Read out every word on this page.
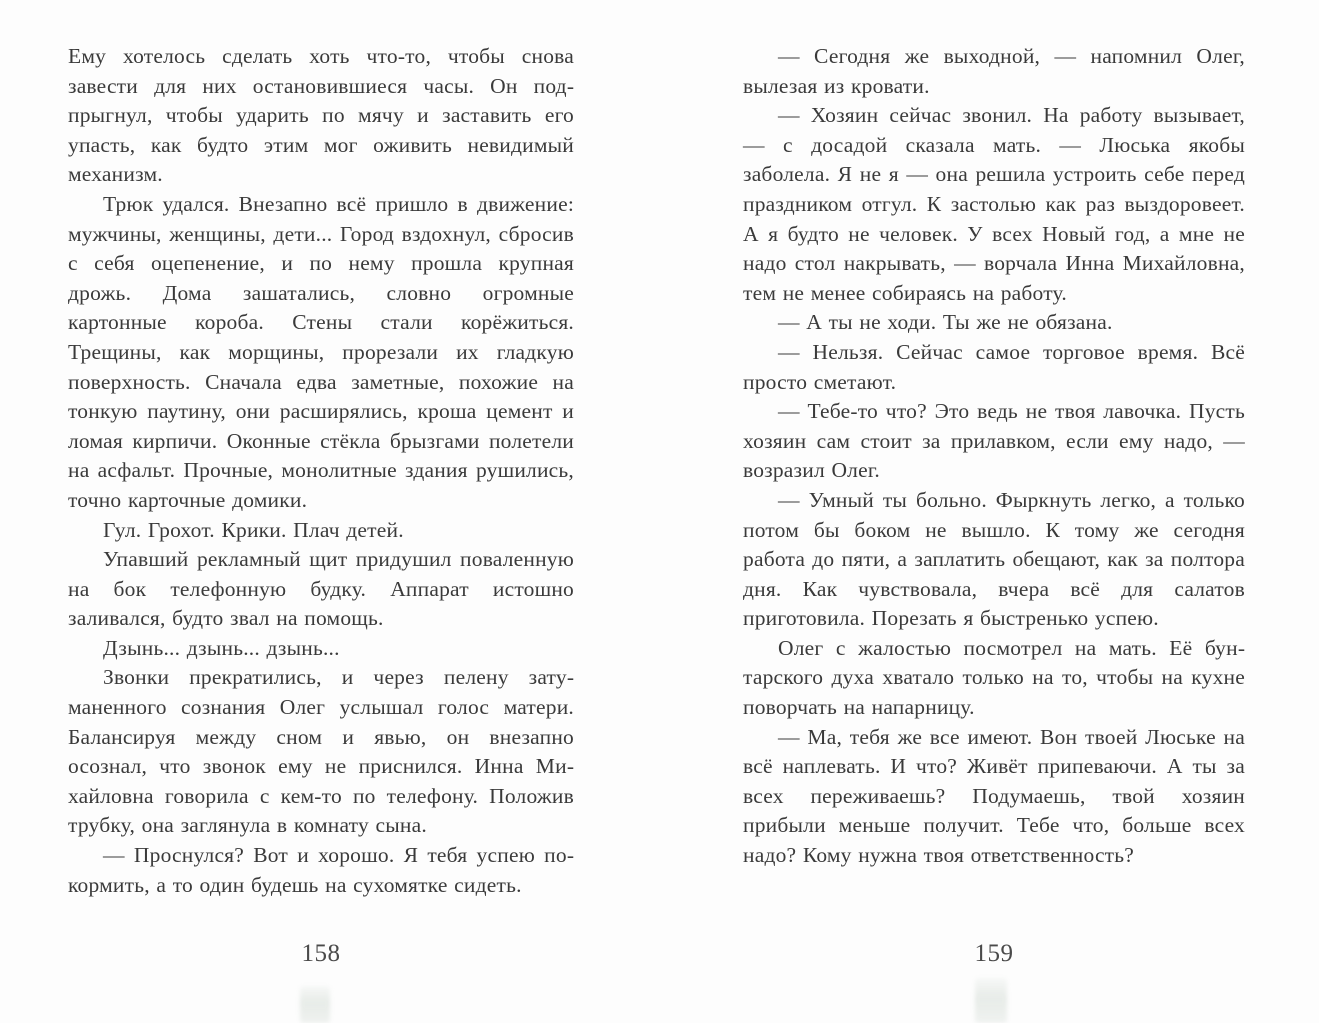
Ему хотелось сделать хоть что-то, чтобы снова завести для них остановившиеся часы. Он подпрыгнул, чтобы ударить по мячу и заставить его упасть, как будто этим мог оживить невидимый механизм.

Трюк удался. Внезапно всё пришло в движение: мужчины, женщины, дети... Город вздохнул, сбросив с себя оцепенение, и по нему прошла крупная дрожь. Дома зашатались, словно огромные картонные короба. Стены стали корёжиться. Трещины, как морщины, прорезали их гладкую поверхность. Сначала едва заметные, похожие на тонкую паутину, они расширялись, кроша цемент и ломая кирпичи. Оконные стёкла брызгами полетели на асфальт. Прочные, монолитные здания рушились, точно карточные домики.

Гул. Грохот. Крики. Плач детей.

Упавший рекламный щит придушил поваленную на бок телефонную будку. Аппарат истошно заливался, будто звал на помощь.

Дзынь... дзынь... дзынь...

Звонки прекратились, и через пелену затуманенного сознания Олег услышал голос матери. Балансируя между сном и явью, он внезапно осознал, что звонок ему не приснился. Инна Михайловна говорила с кем-то по телефону. Положив трубку, она заглянула в комнату сына.

— Проснулся? Вот и хорошо. Я тебя успею покормить, а то один будешь на сухомятке сидеть.

158

— Сегодня же выходной, — напомнил Олег, вылезая из кровати.

— Хозяин сейчас звонил. На работу вызывает, — с досадой сказала мать. — Люська якобы заболела. Я не я — она решила устроить себе перед праздником отгул. К застолью как раз выздоровеет. А я будто не человек. У всех Новый год, а мне не надо стол накрывать, — ворчала Инна Михайловна, тем не менее собираясь на работу.

— А ты не ходи. Ты же не обязана.

— Нельзя. Сейчас самое торговое время. Всё просто сметают.

— Тебе-то что? Это ведь не твоя лавочка. Пусть хозяин сам стоит за прилавком, если ему надо, — возразил Олег.

— Умный ты больно. Фыркнуть легко, а только потом бы боком не вышло. К тому же сегодня работа до пяти, а заплатить обещают, как за полтора дня. Как чувствовала, вчера всё для салатов приготовила. Порезать я быстренько успею.

Олег с жалостью посмотрел на мать. Её бунтарского духа хватало только на то, чтобы на кухне поворчать на напарницу.

— Ма, тебя же все имеют. Вон твоей Люське на всё наплевать. И что? Живёт припеваючи. А ты за всех переживаешь? Подумаешь, твой хозяин прибыли меньше получит. Тебе что, больше всех надо? Кому нужна твоя ответственность?

159
